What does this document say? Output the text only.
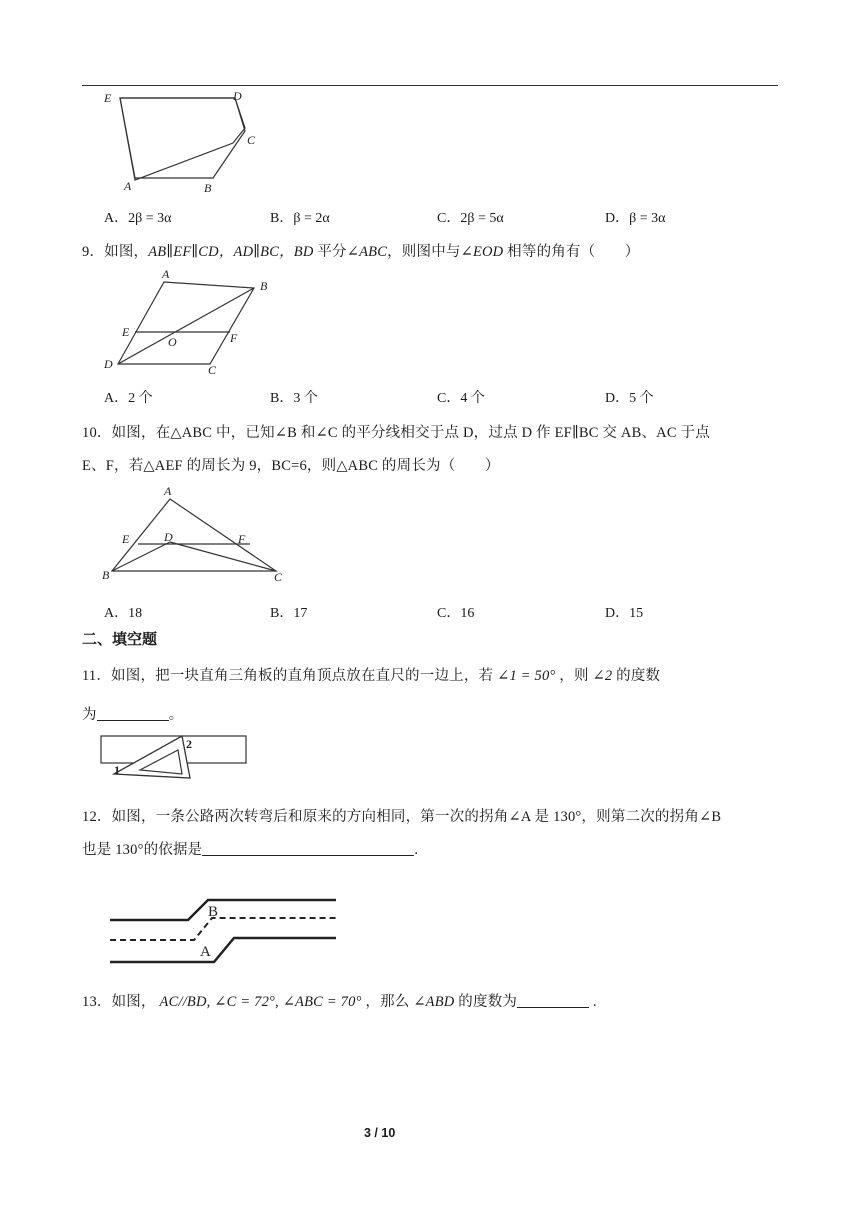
E	D
C
A	B
A．2β = 3α	B．β = 2α	C．2β = 5α	D．β = 3α
9．如图，AB∥EF∥CD，AD∥BC，BD 平分∠ABC，则图中与∠EOD 相等的角有（　　）
A
B
E
O	F
D	C
A．2 个	B．3 个	C．4 个	D．5 个
10．如图，在△ABC 中，已知∠B 和∠C 的平分线相交于点 D，过点 D 作 EF∥BC 交 AB、AC 于点
E、F，若△AEF 的周长为 9，BC=6，则△ABC 的周长为（　　）
A
E	D	F
B	C
A．18	B．17	C．16	D．15
二、填空题
11．如图，把一块直角三角板的直角顶点放在直尺的一边上，若 ∠1 = 50° ，则 ∠2 的度数
为	。
1
2
12．如图，一条公路两次转弯后和原来的方向相同，第一次的拐角∠A 是 130°，则第二次的拐角∠B
也是 130°的依据是	.
B
A
13．如图， AC//BD, ∠C = 72°, ∠ABC = 70° ，那么 ∠ABD 的度数为	.
3 / 10
